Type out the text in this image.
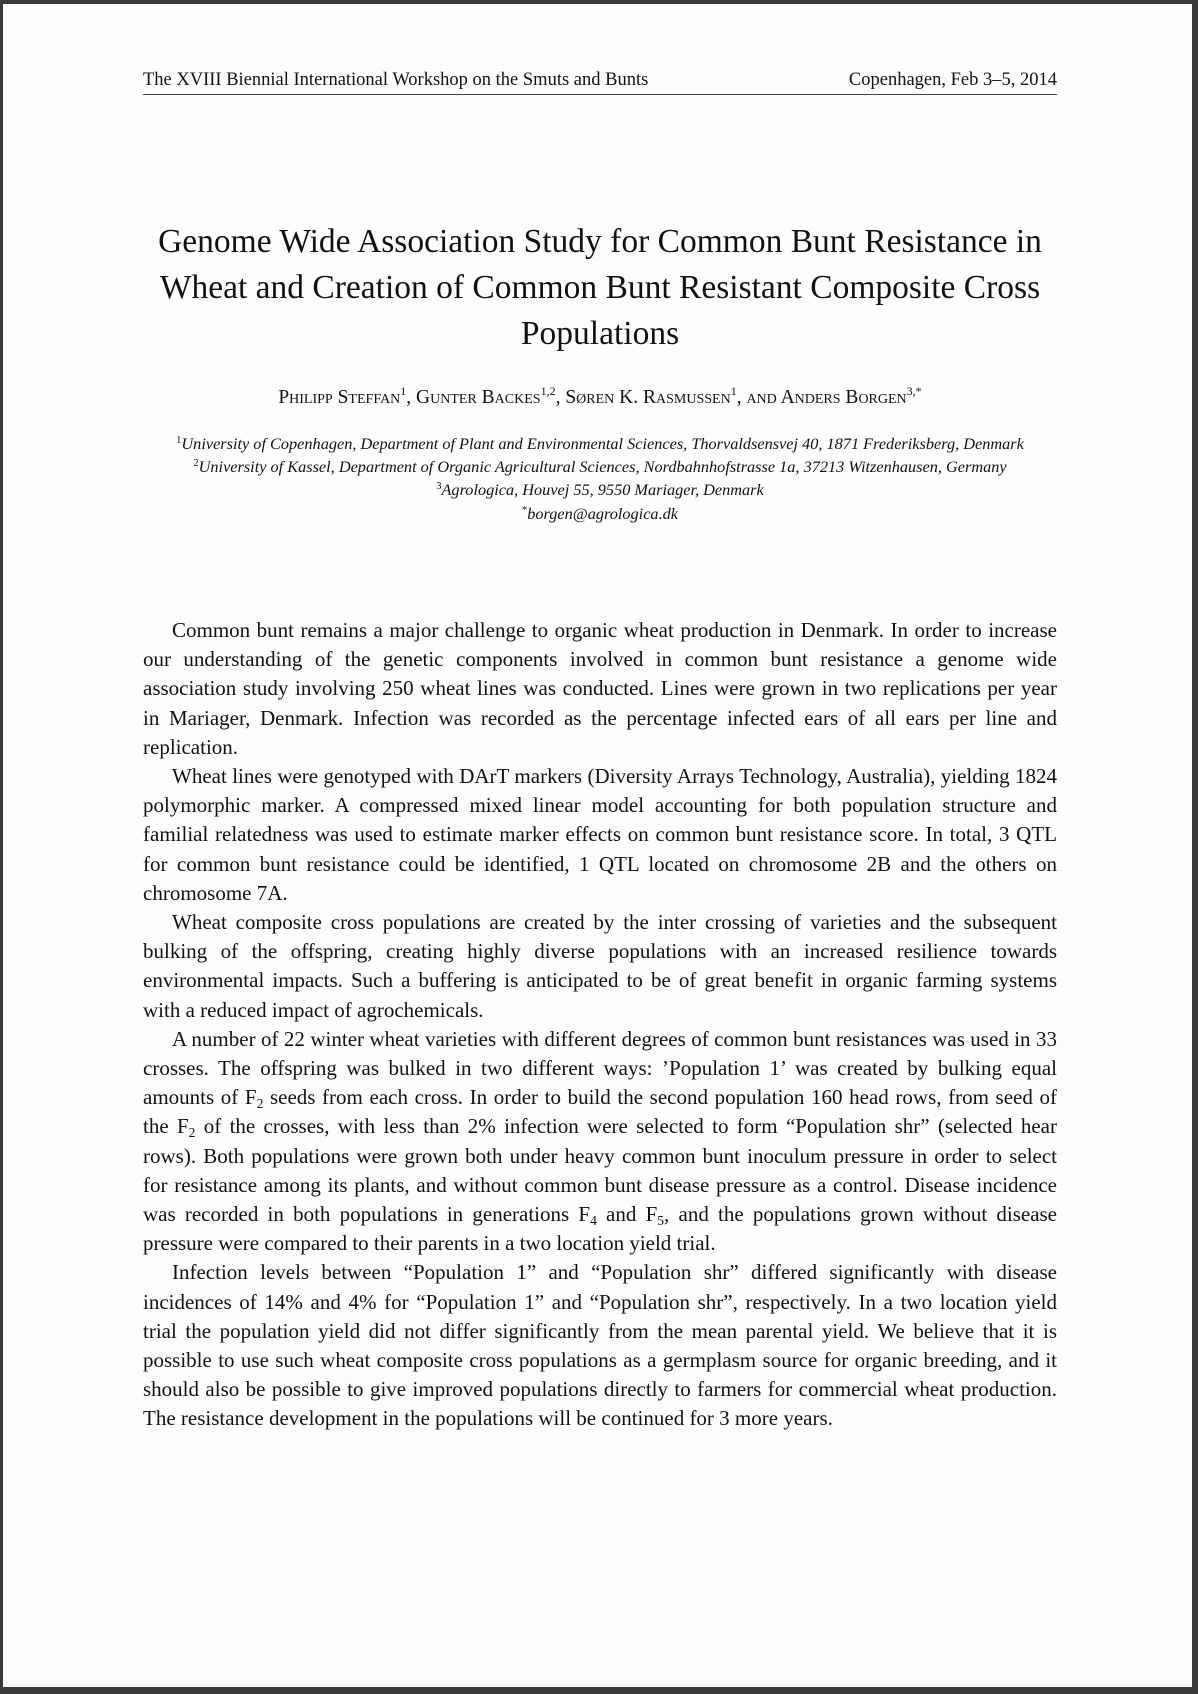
The XVIII Biennial International Workshop on the Smuts and Bunts	Copenhagen, Feb 3–5, 2014
Genome Wide Association Study for Common Bunt Resistance in Wheat and Creation of Common Bunt Resistant Composite Cross Populations
Philipp Steffan$^1$, Gunter Backes$^{1,2}$, Søren K. Rasmussen$^1$, and Anders Borgen$^{3,*}$
$^1$University of Copenhagen, Department of Plant and Environmental Sciences, Thorvaldsensvej 40, 1871 Frederiksberg, Denmark
$^2$University of Kassel, Department of Organic Agricultural Sciences, Nordbahnhofstrasse 1a, 37213 Witzenhausen, Germany
$^3$Agrologica, Houvej 55, 9550 Mariager, Denmark
*borgen@agrologica.dk

Common bunt remains a major challenge to organic wheat production in Denmark. In order to increase our understanding of the genetic components involved in common bunt resistance a genome wide association study involving 250 wheat lines was conducted. Lines were grown in two replications per year in Mariager, Denmark. Infection was recorded as the percentage infected ears of all ears per line and replication.

Wheat lines were genotyped with DArT markers (Diversity Arrays Technology, Australia), yielding 1824 polymorphic marker. A compressed mixed linear model accounting for both population structure and familial relatedness was used to estimate marker effects on common bunt resistance score. In total, 3 QTL for common bunt resistance could be identified, 1 QTL located on chromosome 2B and the others on chromosome 7A.

Wheat composite cross populations are created by the inter crossing of varieties and the subsequent bulking of the offspring, creating highly diverse populations with an increased resilience towards environmental impacts. Such a buffering is anticipated to be of great benefit in organic farming systems with a reduced impact of agrochemicals.

A number of 22 winter wheat varieties with different degrees of common bunt resistances was used in 33 crosses. The offspring was bulked in two different ways: ’Population 1’ was created by bulking equal amounts of $F_2$ seeds from each cross. In order to build the second population 160 head rows, from seed of the $F_2$ of the crosses, with less than 2% infection were selected to form “Population shr” (selected hear rows). Both populations were grown both under heavy common bunt inoculum pressure in order to select for resistance among its plants, and without common bunt disease pressure as a control. Disease incidence was recorded in both populations in generations $F_4$ and $F_5$, and the populations grown without disease pressure were compared to their parents in a two location yield trial.

Infection levels between “Population 1” and “Population shr” differed significantly with disease incidences of 14% and 4% for “Population 1” and “Population shr”, respectively. In a two location yield trial the population yield did not differ significantly from the mean parental yield. We believe that it is possible to use such wheat composite cross populations as a germplasm source for organic breeding, and it should also be possible to give improved populations directly to farmers for commercial wheat production. The resistance development in the populations will be continued for 3 more years.
